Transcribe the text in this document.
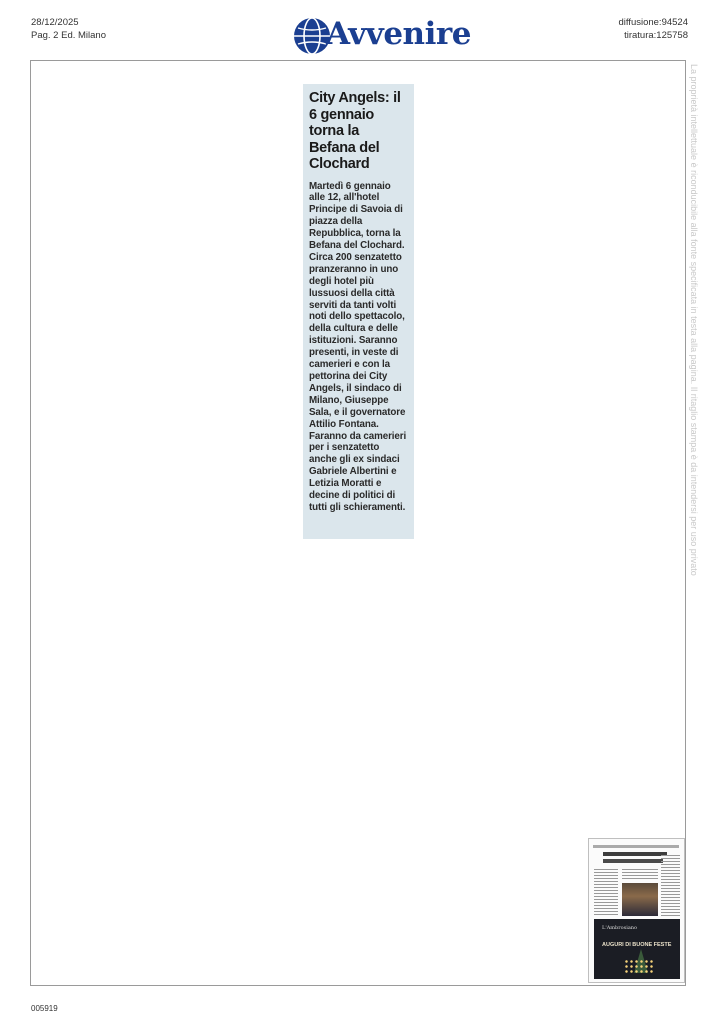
28/12/2025
Pag. 2 Ed. Milano	Avvenire	diffusione:94524
tiratura:125758
La proprietà intellettuale è riconducibile alla fonte specificata in testa alla pagina. Il ritaglio stampa è da intendersi per uso privato
City Angels: il 6 gennaio torna la Befana del Clochard

Martedì 6 gennaio alle 12, all'hotel Principe di Savoia di piazza della Repubblica, torna la Befana del Clochard. Circa 200 senzatetto pranzeranno in uno degli hotel più lussuosi della città serviti da tanti volti noti dello spettacolo, della cultura e delle istituzioni. Saranno presenti, in veste di camerieri e con la pettorina dei City Angels, il sindaco di Milano, Giuseppe Sala, e il governatore Attilio Fontana. Faranno da camerieri per i senzatetto anche gli ex sindaci Gabriele Albertini e Letizia Moratti e decine di politici di tutti gli schieramenti.

L'Ambrosiano
AUGURI DI BUONE FESTE
005919
